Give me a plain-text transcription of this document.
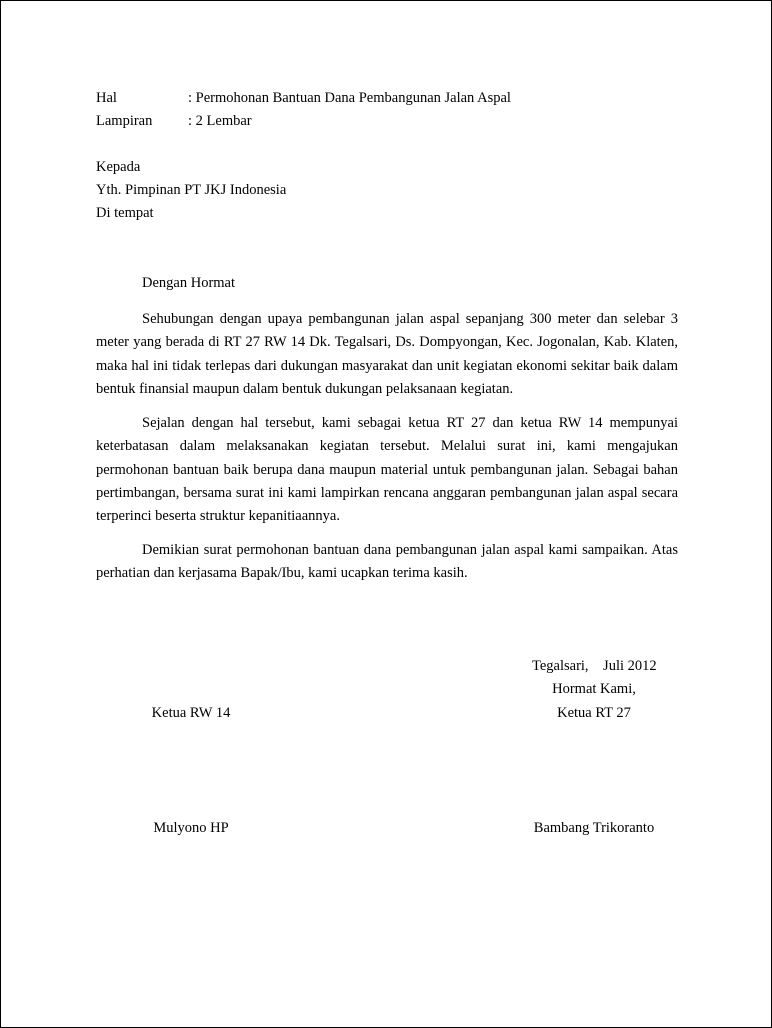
Hal	: Permohonan Bantuan Dana Pembangunan Jalan Aspal
Lampiran : 2 Lembar
Kepada
Yth. Pimpinan PT JKJ Indonesia
Di tempat
Dengan Hormat
Sehubungan dengan upaya pembangunan jalan aspal sepanjang 300 meter dan selebar 3 meter yang berada di RT 27 RW 14 Dk. Tegalsari, Ds. Dompyongan, Kec. Jogonalan, Kab. Klaten, maka hal ini tidak terlepas dari dukungan masyarakat dan unit kegiatan ekonomi sekitar baik dalam bentuk finansial maupun dalam bentuk dukungan pelaksanaan kegiatan.
Sejalan dengan hal tersebut, kami sebagai ketua RT 27 dan ketua RW 14 mempunyai keterbatasan dalam melaksanakan kegiatan tersebut. Melalui surat ini, kami mengajukan permohonan bantuan baik berupa dana maupun material untuk pembangunan jalan. Sebagai bahan pertimbangan, bersama surat ini kami lampirkan rencana anggaran pembangunan jalan aspal secara terperinci beserta struktur kepanitiaannya.
Demikian surat permohonan bantuan dana pembangunan jalan aspal kami sampaikan. Atas perhatian dan kerjasama Bapak/Ibu, kami ucapkan terima kasih.
Tegalsari,    Juli 2012
Hormat Kami,
Ketua RW 14	Ketua RT 27
Mulyono HP	Bambang Trikoranto
